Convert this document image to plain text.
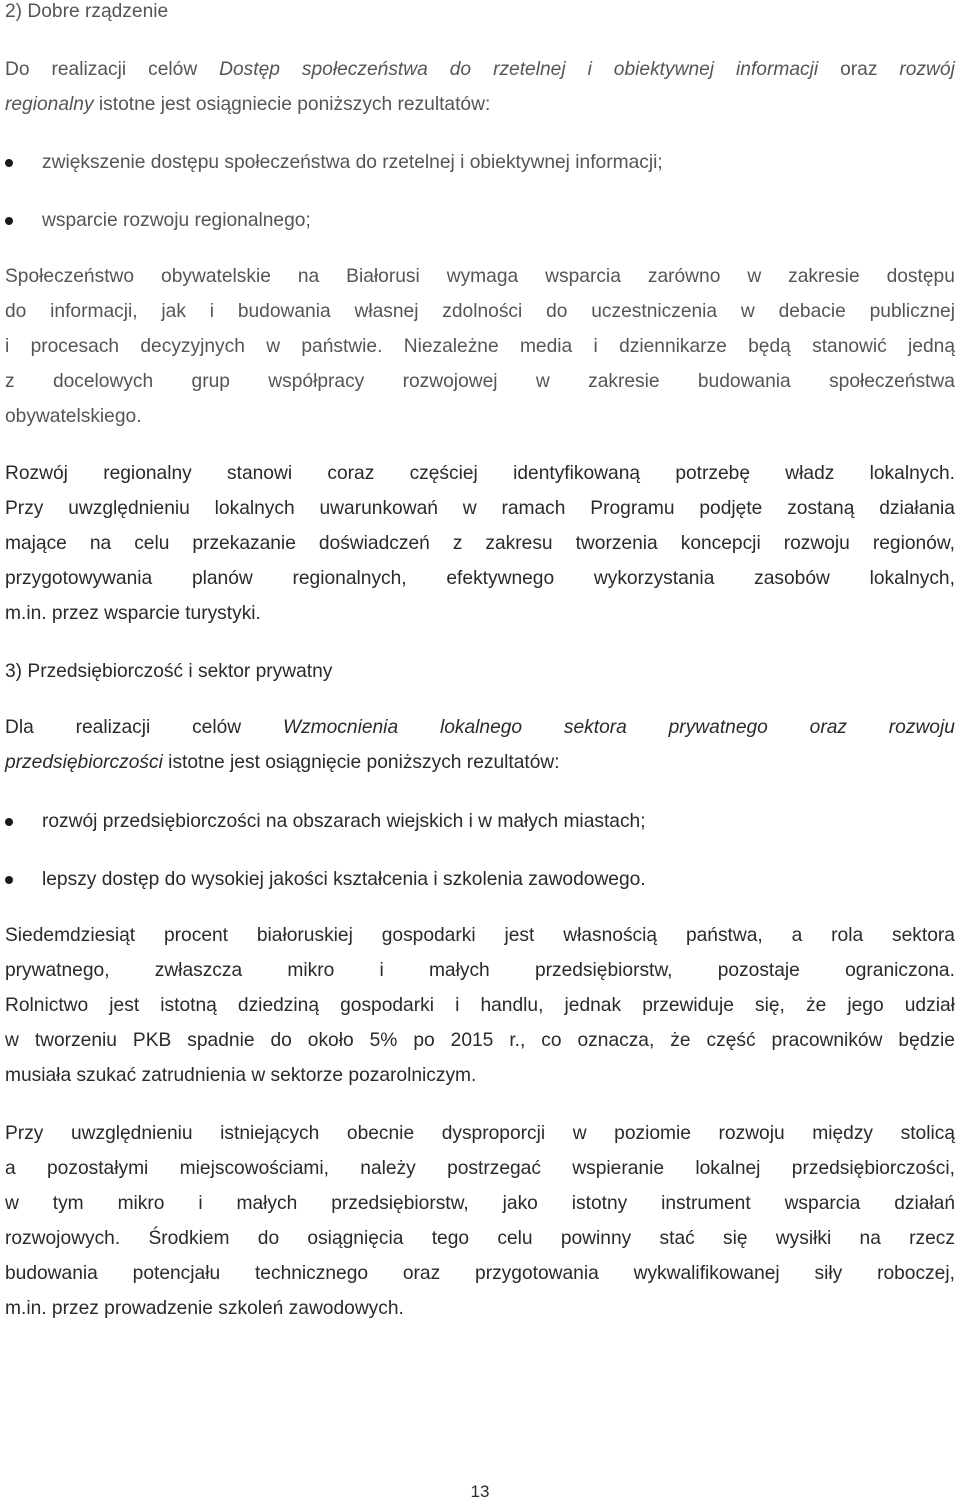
2) Dobre rządzenie
Do realizacji celów Dostęp społeczeństwa do rzetelnej i obiektywnej informacji oraz rozwój
regionalny istotne jest osiągniecie poniższych rezultatów:
zwiększenie dostępu społeczeństwa do rzetelnej i obiektywnej informacji;
wsparcie rozwoju regionalnego;
Społeczeństwo obywatelskie na Białorusi wymaga wsparcia zarówno w zakresie dostępu
do informacji, jak i budowania własnej zdolności do uczestniczenia w debacie publicznej
i procesach decyzyjnych w państwie. Niezależne media i dziennikarze będą stanowić jedną
z docelowych grup współpracy rozwojowej w zakresie budowania społeczeństwa
obywatelskiego.
Rozwój regionalny stanowi coraz częściej identyfikowaną potrzebę władz lokalnych.
Przy uwzględnieniu lokalnych uwarunkowań w ramach Programu podjęte zostaną działania
mające na celu przekazanie doświadczeń z zakresu tworzenia koncepcji rozwoju regionów,
przygotowywania planów regionalnych, efektywnego wykorzystania zasobów lokalnych,
m.in. przez wsparcie turystyki.
3) Przedsiębiorczość i sektor prywatny
Dla realizacji celów Wzmocnienia lokalnego sektora prywatnego oraz rozwoju
przedsiębiorczości istotne jest osiągnięcie poniższych rezultatów:
rozwój przedsiębiorczości na obszarach wiejskich i w małych miastach;
lepszy dostęp do wysokiej jakości kształcenia i szkolenia zawodowego.
Siedemdziesiąt procent białoruskiej gospodarki jest własnością państwa, a rola sektora
prywatnego, zwłaszcza mikro i małych przedsiębiorstw, pozostaje ograniczona.
Rolnictwo jest istotną dziedziną gospodarki i handlu, jednak przewiduje się, że jego udział
w tworzeniu PKB spadnie do około 5% po 2015 r., co oznacza, że część pracowników będzie
musiała szukać zatrudnienia w sektorze pozarolniczym.
Przy uwzględnieniu istniejących obecnie dysproporcji w poziomie rozwoju między stolicą
a pozostałymi miejscowościami, należy postrzegać wspieranie lokalnej przedsiębiorczości,
w tym mikro i małych przedsiębiorstw, jako istotny instrument wsparcia działań
rozwojowych. Środkiem do osiągnięcia tego celu powinny stać się wysiłki na rzecz
budowania potencjału technicznego oraz przygotowania wykwalifikowanej siły roboczej,
m.in. przez prowadzenie szkoleń zawodowych.
13
